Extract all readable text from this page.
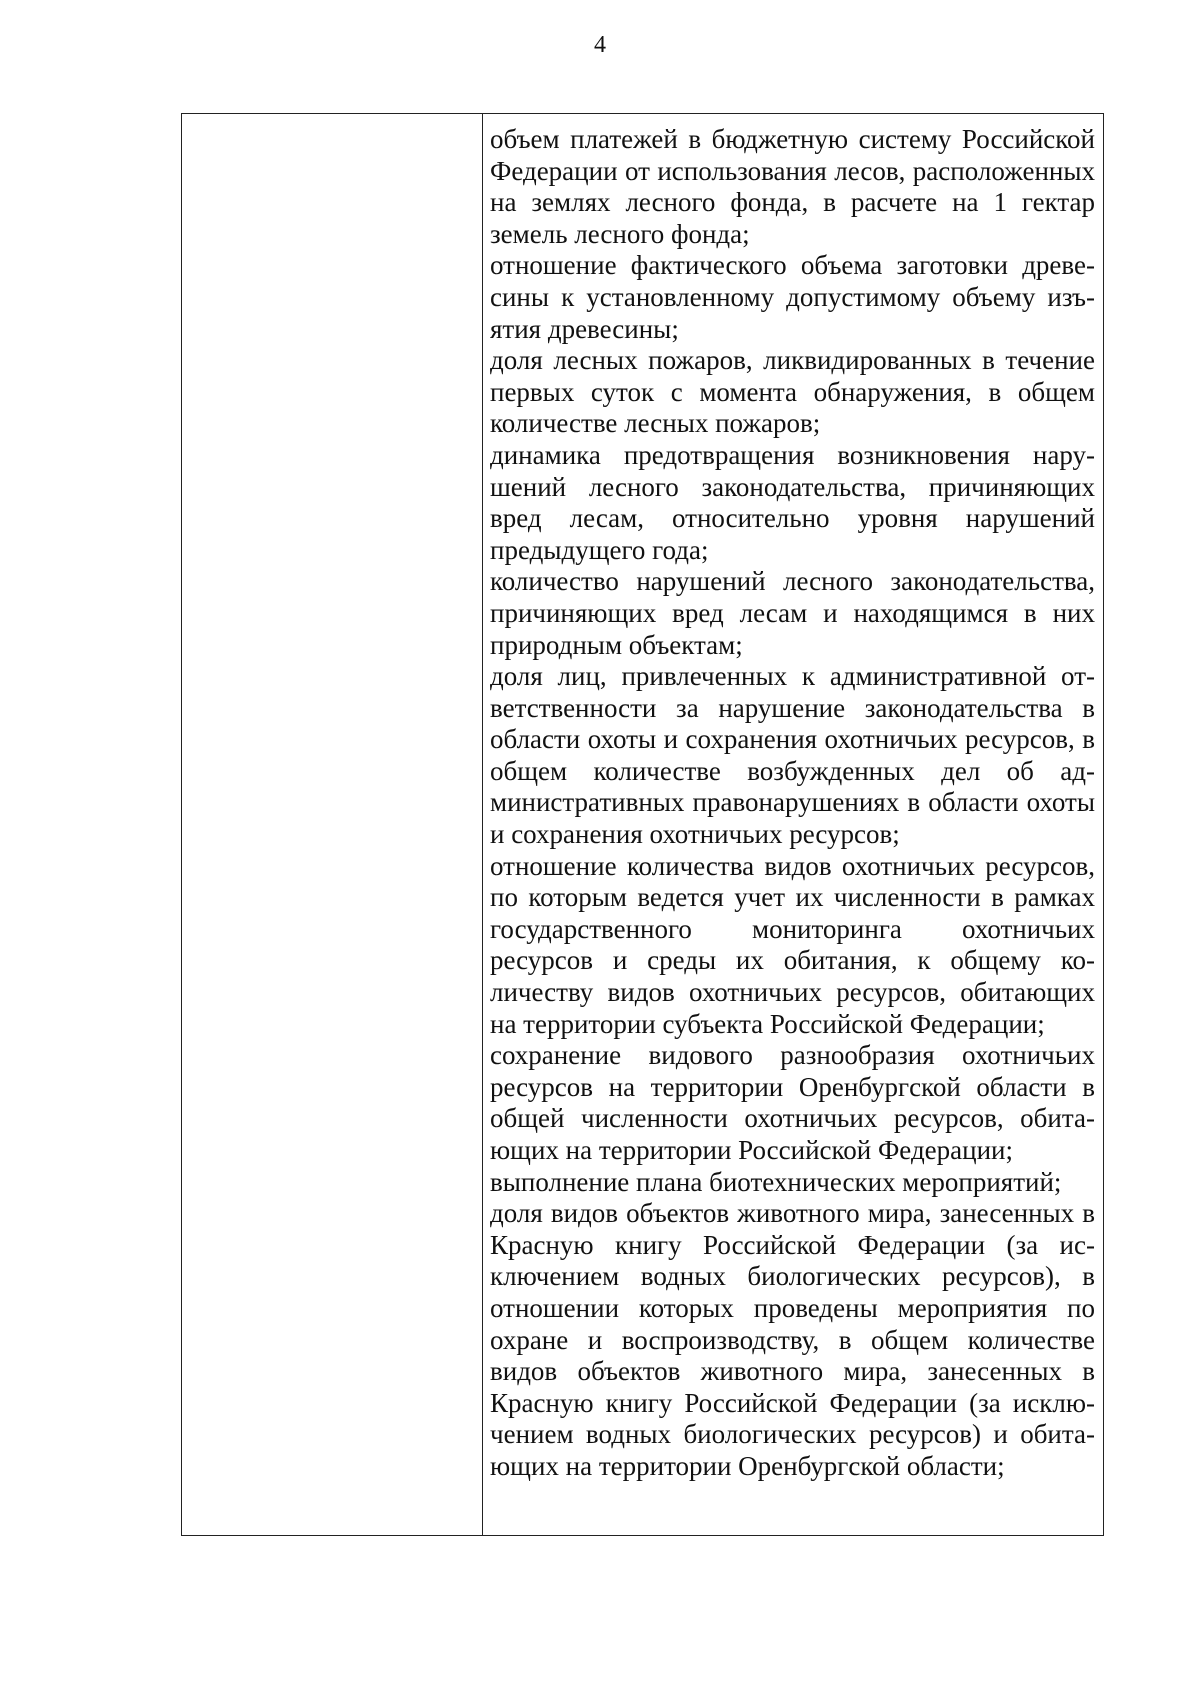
4

объем платежей в бюджетную систему Российской Федерации от использования лесов, расположенных на землях лесного фонда, в расчете на 1 гектар земель лесного фонда;

отношение фактического объема заготовки древесины к установленному допустимому объему изъятия древесины;

доля лесных пожаров, ликвидированных в течение первых суток с момента обнаружения, в общем количестве лесных пожаров;

динамика предотвращения возникновения нарушений лесного законодательства, причиняющих вред лесам, относительно уровня нарушений предыдущего года;

количество нарушений лесного законодательства, причиняющих вред лесам и находящимся в них природным объектам;

доля лиц, привлеченных к административной ответственности за нарушение законодательства в области охоты и сохранения охотничьих ресурсов, в общем количестве возбужденных дел об административных правонарушениях в области охоты и сохранения охотничьих ресурсов;

отношение количества видов охотничьих ресурсов, по которым ведется учет их численности в рамках государственного мониторинга охотничьих ресурсов и среды их обитания, к общему количеству видов охотничьих ресурсов, обитающих на территории субъекта Российской Федерации;

сохранение видового разнообразия охотничьих ресурсов на территории Оренбургской области в общей численности охотничьих ресурсов, обитающих на территории Российской Федерации;

выполнение плана биотехнических мероприятий;

доля видов объектов животного мира, занесенных в Красную книгу Российской Федерации (за исключением водных биологических ресурсов), в отношении которых проведены мероприятия по охране и воспроизводству, в общем количестве видов объектов животного мира, занесенных в Красную книгу Российской Федерации (за исключением водных биологических ресурсов) и обитающих на территории Оренбургской области;
